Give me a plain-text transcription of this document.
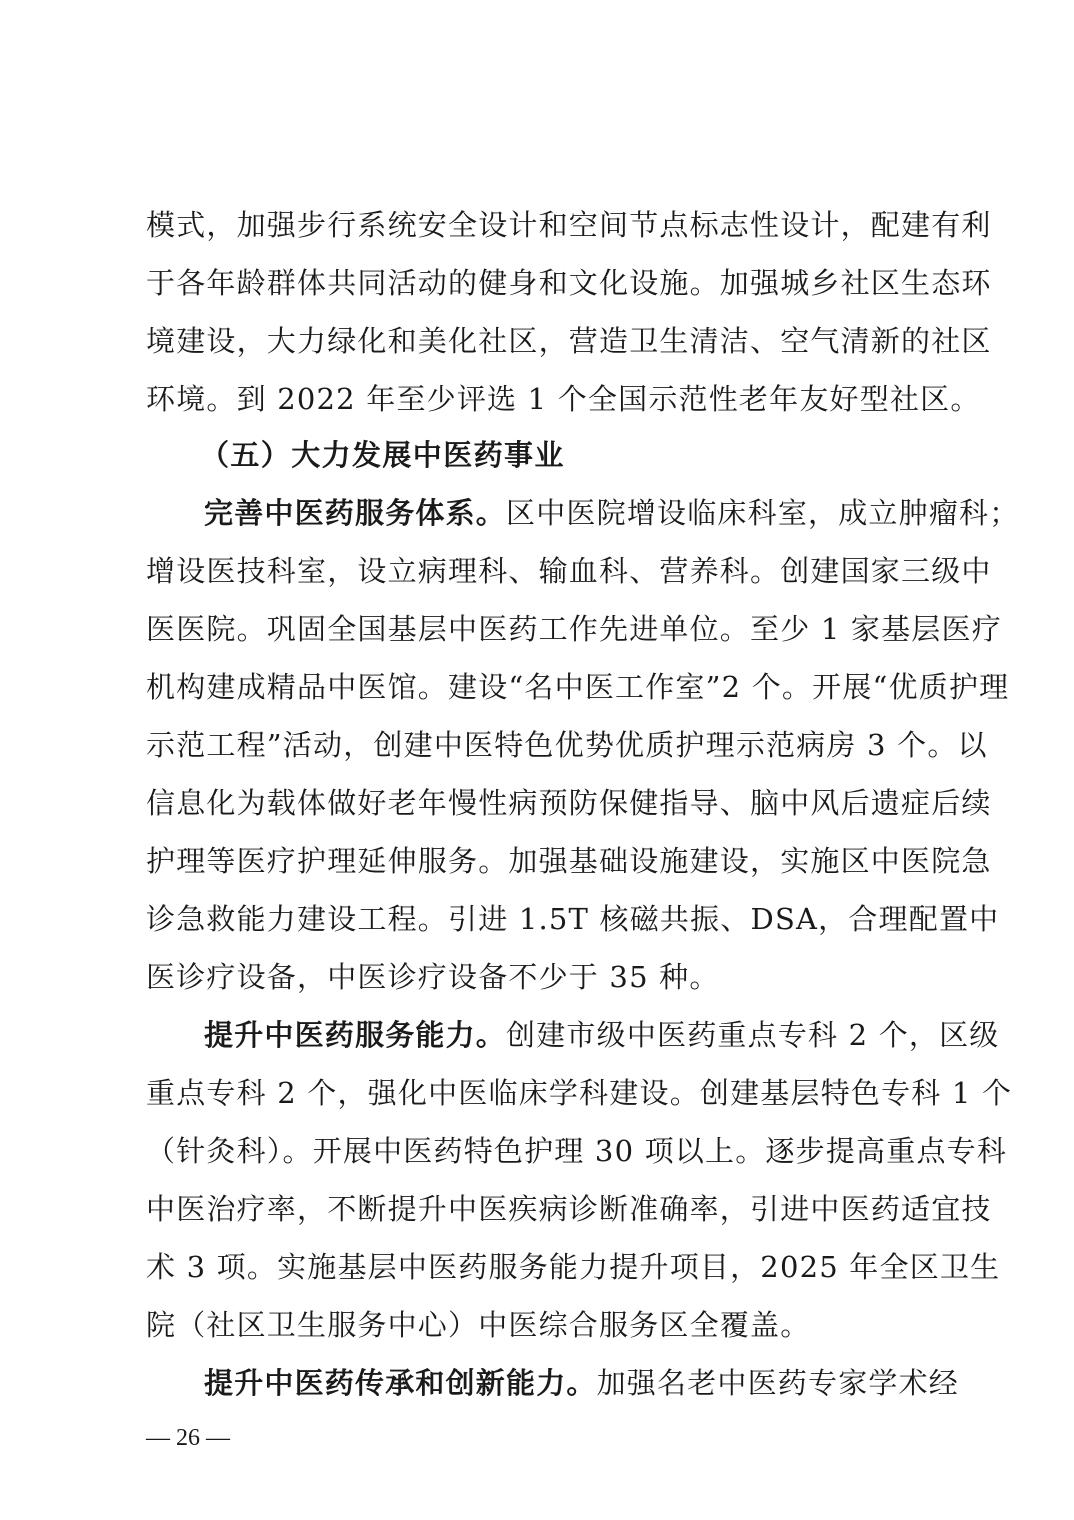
模式，加强步行系统安全设计和空间节点标志性设计，配建有利
于各年龄群体共同活动的健身和文化设施。加强城乡社区生态环
境建设，大力绿化和美化社区，营造卫生清洁、空气清新的社区
环境。到 2022 年至少评选 1 个全国示范性老年友好型社区。
（五）大力发展中医药事业
完善中医药服务体系。区中医院增设临床科室，成立肿瘤科；
增设医技科室，设立病理科、输血科、营养科。创建国家三级中
医医院。巩固全国基层中医药工作先进单位。至少 1 家基层医疗
机构建成精品中医馆。建设“名中医工作室”2 个。开展“优质护理
示范工程”活动，创建中医特色优势优质护理示范病房 3 个。以
信息化为载体做好老年慢性病预防保健指导、脑中风后遗症后续
护理等医疗护理延伸服务。加强基础设施建设，实施区中医院急
诊急救能力建设工程。引进 1.5T 核磁共振、DSA，合理配置中
医诊疗设备，中医诊疗设备不少于 35 种。
提升中医药服务能力。创建市级中医药重点专科 2 个，区级
重点专科 2 个，强化中医临床学科建设。创建基层特色专科 1 个
（针灸科）。开展中医药特色护理 30 项以上。逐步提高重点专科
中医治疗率，不断提升中医疾病诊断准确率，引进中医药适宜技
术 3 项。实施基层中医药服务能力提升项目，2025 年全区卫生
院（社区卫生服务中心）中医综合服务区全覆盖。
提升中医药传承和创新能力。加强名老中医药专家学术经
— 26 —
